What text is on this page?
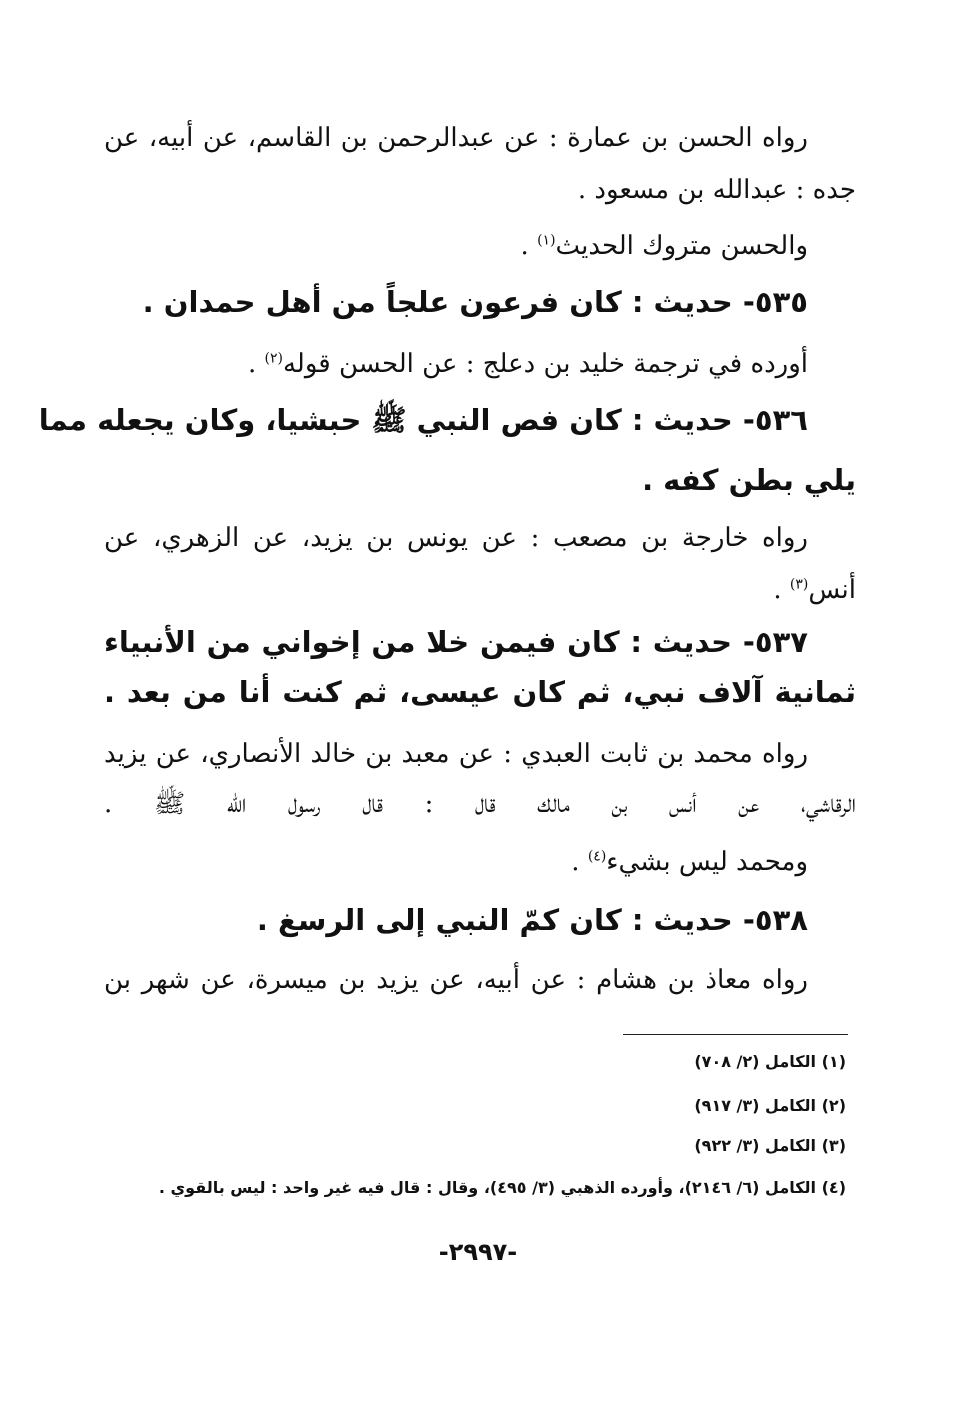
رواه الحسن بن عمارة : عن عبدالرحمن بن القاسم، عن أبيه، عن
جده : عبدالله بن مسعود .
والحسن متروك الحديث$^{(١)}$ .
٥٣٥- حديث : كان فرعون علجاً من أهل حمدان .
أورده في ترجمة خليد بن دعلج : عن الحسن قوله$^{(٢)}$ .
٥٣٦- حديث : كان فص النبي ﷺ حبشيا، وكان يجعله مما
يلي بطن كفه .
رواه خارجة بن مصعب : عن يونس بن يزيد، عن الزهري، عن
أنس$^{(٣)}$ .
٥٣٧- حديث : كان فيمن خلا من إخواني من الأنبياء
ثمانية آلاف نبي، ثم كان عيسى، ثم كنت أنا من بعد .
رواه محمد بن ثابت العبدي : عن معبد بن خالد الأنصاري، عن يزيد
الرقاشي، عن أنس بن مالك قال : قال رسول الله ﷺ .
ومحمد ليس بشيء$^{(٤)}$ .
٥٣٨- حديث : كان كمّ النبي إلى الرسغ .
رواه معاذ بن هشام : عن أبيه، عن يزيد بن ميسرة، عن شهر بن
(١) الكامل (٢/ ٧٠٨)
(٢) الكامل (٣/ ٩١٧)
(٣) الكامل (٣/ ٩٢٢)
(٤) الكامل (٦/ ٢١٤٦)، وأورده الذهبي (٣/ ٤٩٥)، وقال : قال فيه غير واحد : ليس بالقوي .
-٢٩٩٧-
